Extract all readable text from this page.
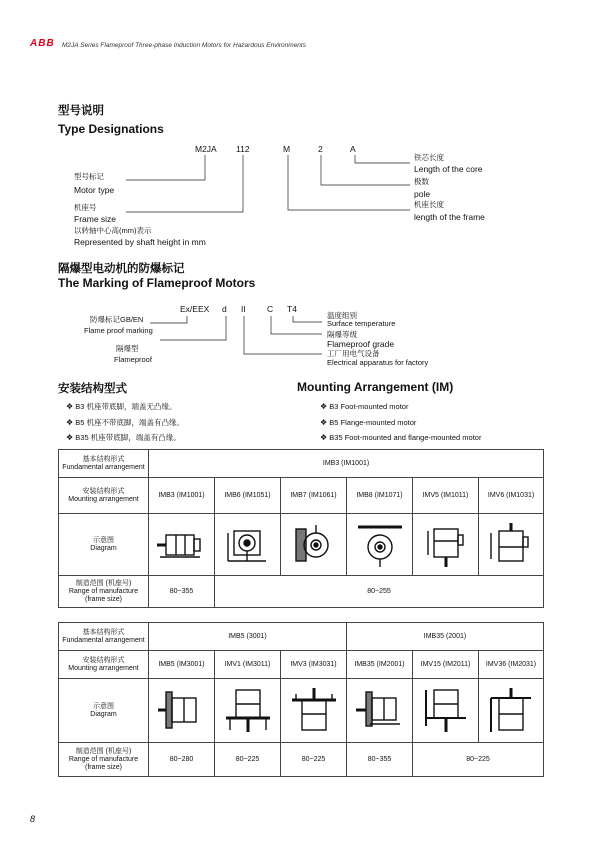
ABB M2JA Series Flameproof Three-phase Induction Motors for Hazardous Environments
型号说明
Type Designations
M2JA 112	M	2	A
铁芯长度
Length of the core
极数
pole
机座长度
length of the frame
型号标记
Motor type
机座号
Frame size
以转轴中心高(mm)表示
Represented by shaft height in mm
隔爆型电动机的防爆标记
The Marking of Flameproof Motors
Ex/EEX d II	C T4
温度组别
Surface temperature
隔爆等级
Flameproof grade
工厂用电气设备
Electrical apparatus for factory
防爆标记GB/EN
Flame proof marking
隔爆型
Flameproof
安装结构型式	Mounting Arrangement (IM)
❖ B3 机座带底脚，端盖无凸缘。
❖ B5 机座不带底脚，端盖有凸缘。
❖ B35 机座带底脚，端盖有凸缘。
❖ B3 Foot-mounted motor
❖ B5 Flange-mounted motor
❖ B35 Foot-mounted and flange-mounted motor
基本结构形式
Fundamental arrangement	IMB3 (IM1001)					

安装结构形式
Mounting arrangement	IMB3 (IM1001)	IMB6 (IM1051)	IMB7 (IM1061)	IMB8 (IM1071)	IMV5 (IM1011)	IMV6 (IM1031)

示意图
Diagram

制造范围 (机座号)
Range of manufacture (frame size)	80~355	80~255				
基本结构形式
Fundamental arrangement	IMB5 (3001)			IMB35 (2001)		

安装结构形式
Mounting arrangement	IMB5 (IM3001)	IMV1 (IM3011)	IMV3 (IM3031)	IMB35 (IM2001)	IMV15 (IM2011)	IMV36 (IM2031)

示意图
Diagram

制造范围 (机座号)
Range of manufacture (frame size)	80~280	80~225	80~225	80~355	80~225	
8
